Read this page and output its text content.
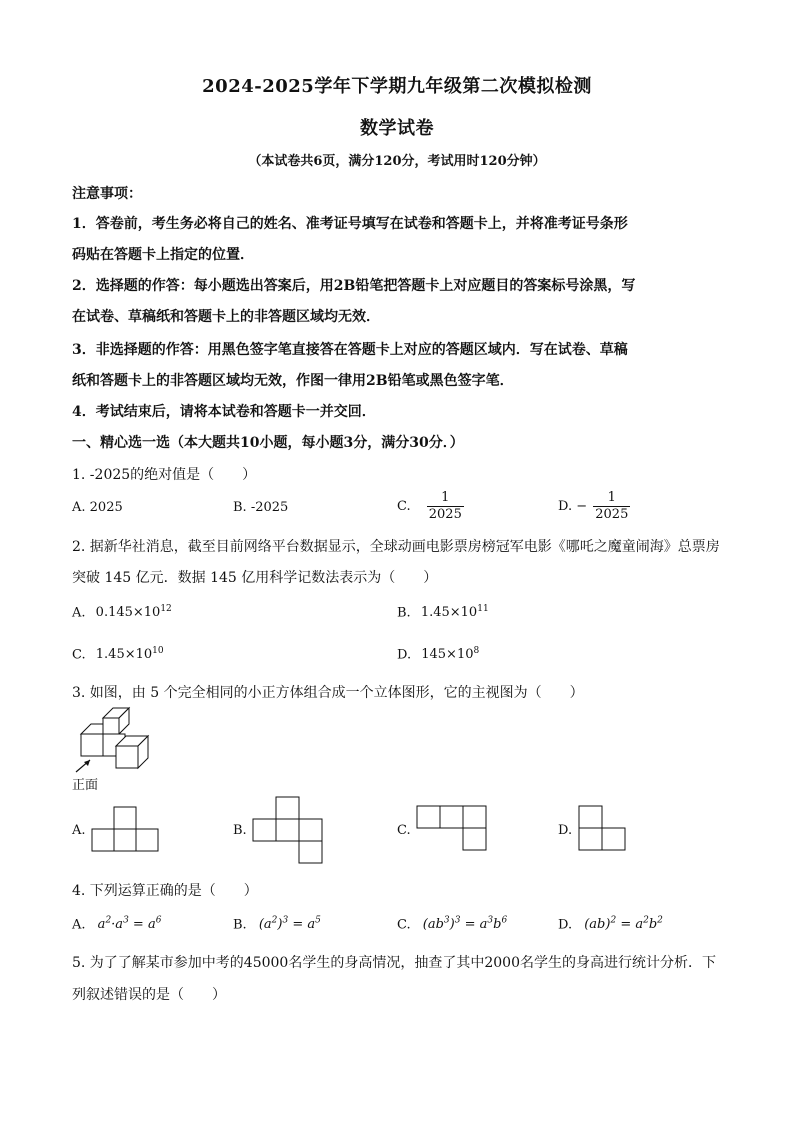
2024-2025学年下学期九年级第二次模拟检测
数学试卷
（本试卷共6页，满分120分，考试用时120分钟）
注意事项：
1．答卷前，考生务必将自己的姓名、准考证号填写在试卷和答题卡上，并将准考证号条形
码贴在答题卡上指定的位置．
2．选择题的作答：每小题选出答案后，用2B铅笔把答题卡上对应题目的答案标号涂黑，写
在试卷、草稿纸和答题卡上的非答题区域均无效．
3．非选择题的作答：用黑色签字笔直接答在答题卡上对应的答题区域内．写在试卷、草稿
纸和答题卡上的非答题区域均无效，作图一律用2B铅笔或黑色签字笔．
4．考试结束后，请将本试卷和答题卡一并交回．
一、精心选一选（本大题共10小题，每小题3分，满分30分．）
1. -2025的绝对值是（　　）
A. 2025	B. -2025	C. $\frac{1}{2025}$	D. − $\frac{1}{2025}$
2. 据新华社消息，截至目前网络平台数据显示，全球动画电影票房榜冠军电影《哪吒之魔童闹海》总票房
突破 145 亿元．数据 145 亿用科学记数法表示为（　　）
A. $0.145\times 10^{12}$	B. $1.45\times 10^{11}$
C. $1.45\times 10^{10}$	D. $145\times 10^8$
3. 如图，由 5 个完全相同的小正方体组合成一个立体图形，它的主视图为（　　）
正面
A.	B.	C.	D.
4. 下列运算正确的是（　　）
A. $a^2\cdot a^3 = a^6$	B. $(a^2)^3 = a^5$	C. $(ab^3)^3 = a^3b^6$	D. $(ab)^2 = a^2b^2$
5. 为了了解某市参加中考的45000名学生的身高情况，抽查了其中2000名学生的身高进行统计分析．下
列叙述错误的是（　　）
